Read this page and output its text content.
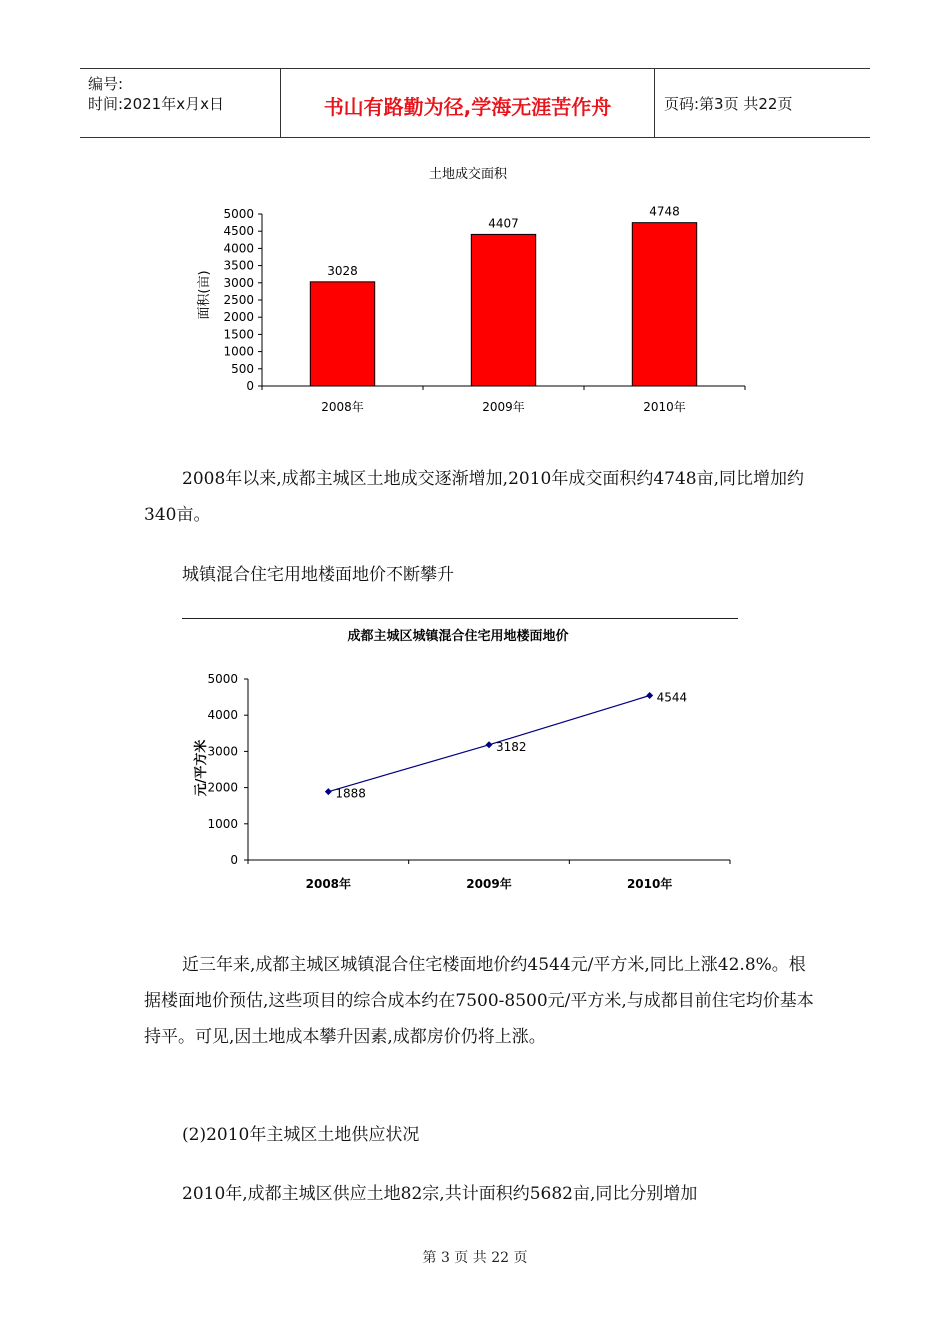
编号:
时间:2021年x月x日	书山有路勤为径,学海无涯苦作舟	页码:第3页 共22页
土地成交面积
面积(亩)
0
500
1000
1500
2000
2500
3000
3500
4000
4500
5000
3028
2008年
4407
2009年
4748
2010年

2008年以来,成都主城区土地成交逐渐增加,2010年成交面积约4748亩,同比增加约340亩。

城镇混合住宅用地楼面地价不断攀升

成都主城区城镇混合住宅用地楼面地价
元/平方米
0
1000
2000
3000
4000
5000
1888
2008年
3182
2009年
4544
2010年

近三年来,成都主城区城镇混合住宅楼面地价约4544元/平方米,同比上涨42.8%。根据楼面地价预估,这些项目的综合成本约在7500-8500元/平方米,与成都目前住宅均价基本持平。可见,因土地成本攀升因素,成都房价仍将上涨。

(2)2010年主城区土地供应状况

2010年,成都主城区供应土地82宗,共计面积约5682亩,同比分别增加

第 3 页 共 22 页
